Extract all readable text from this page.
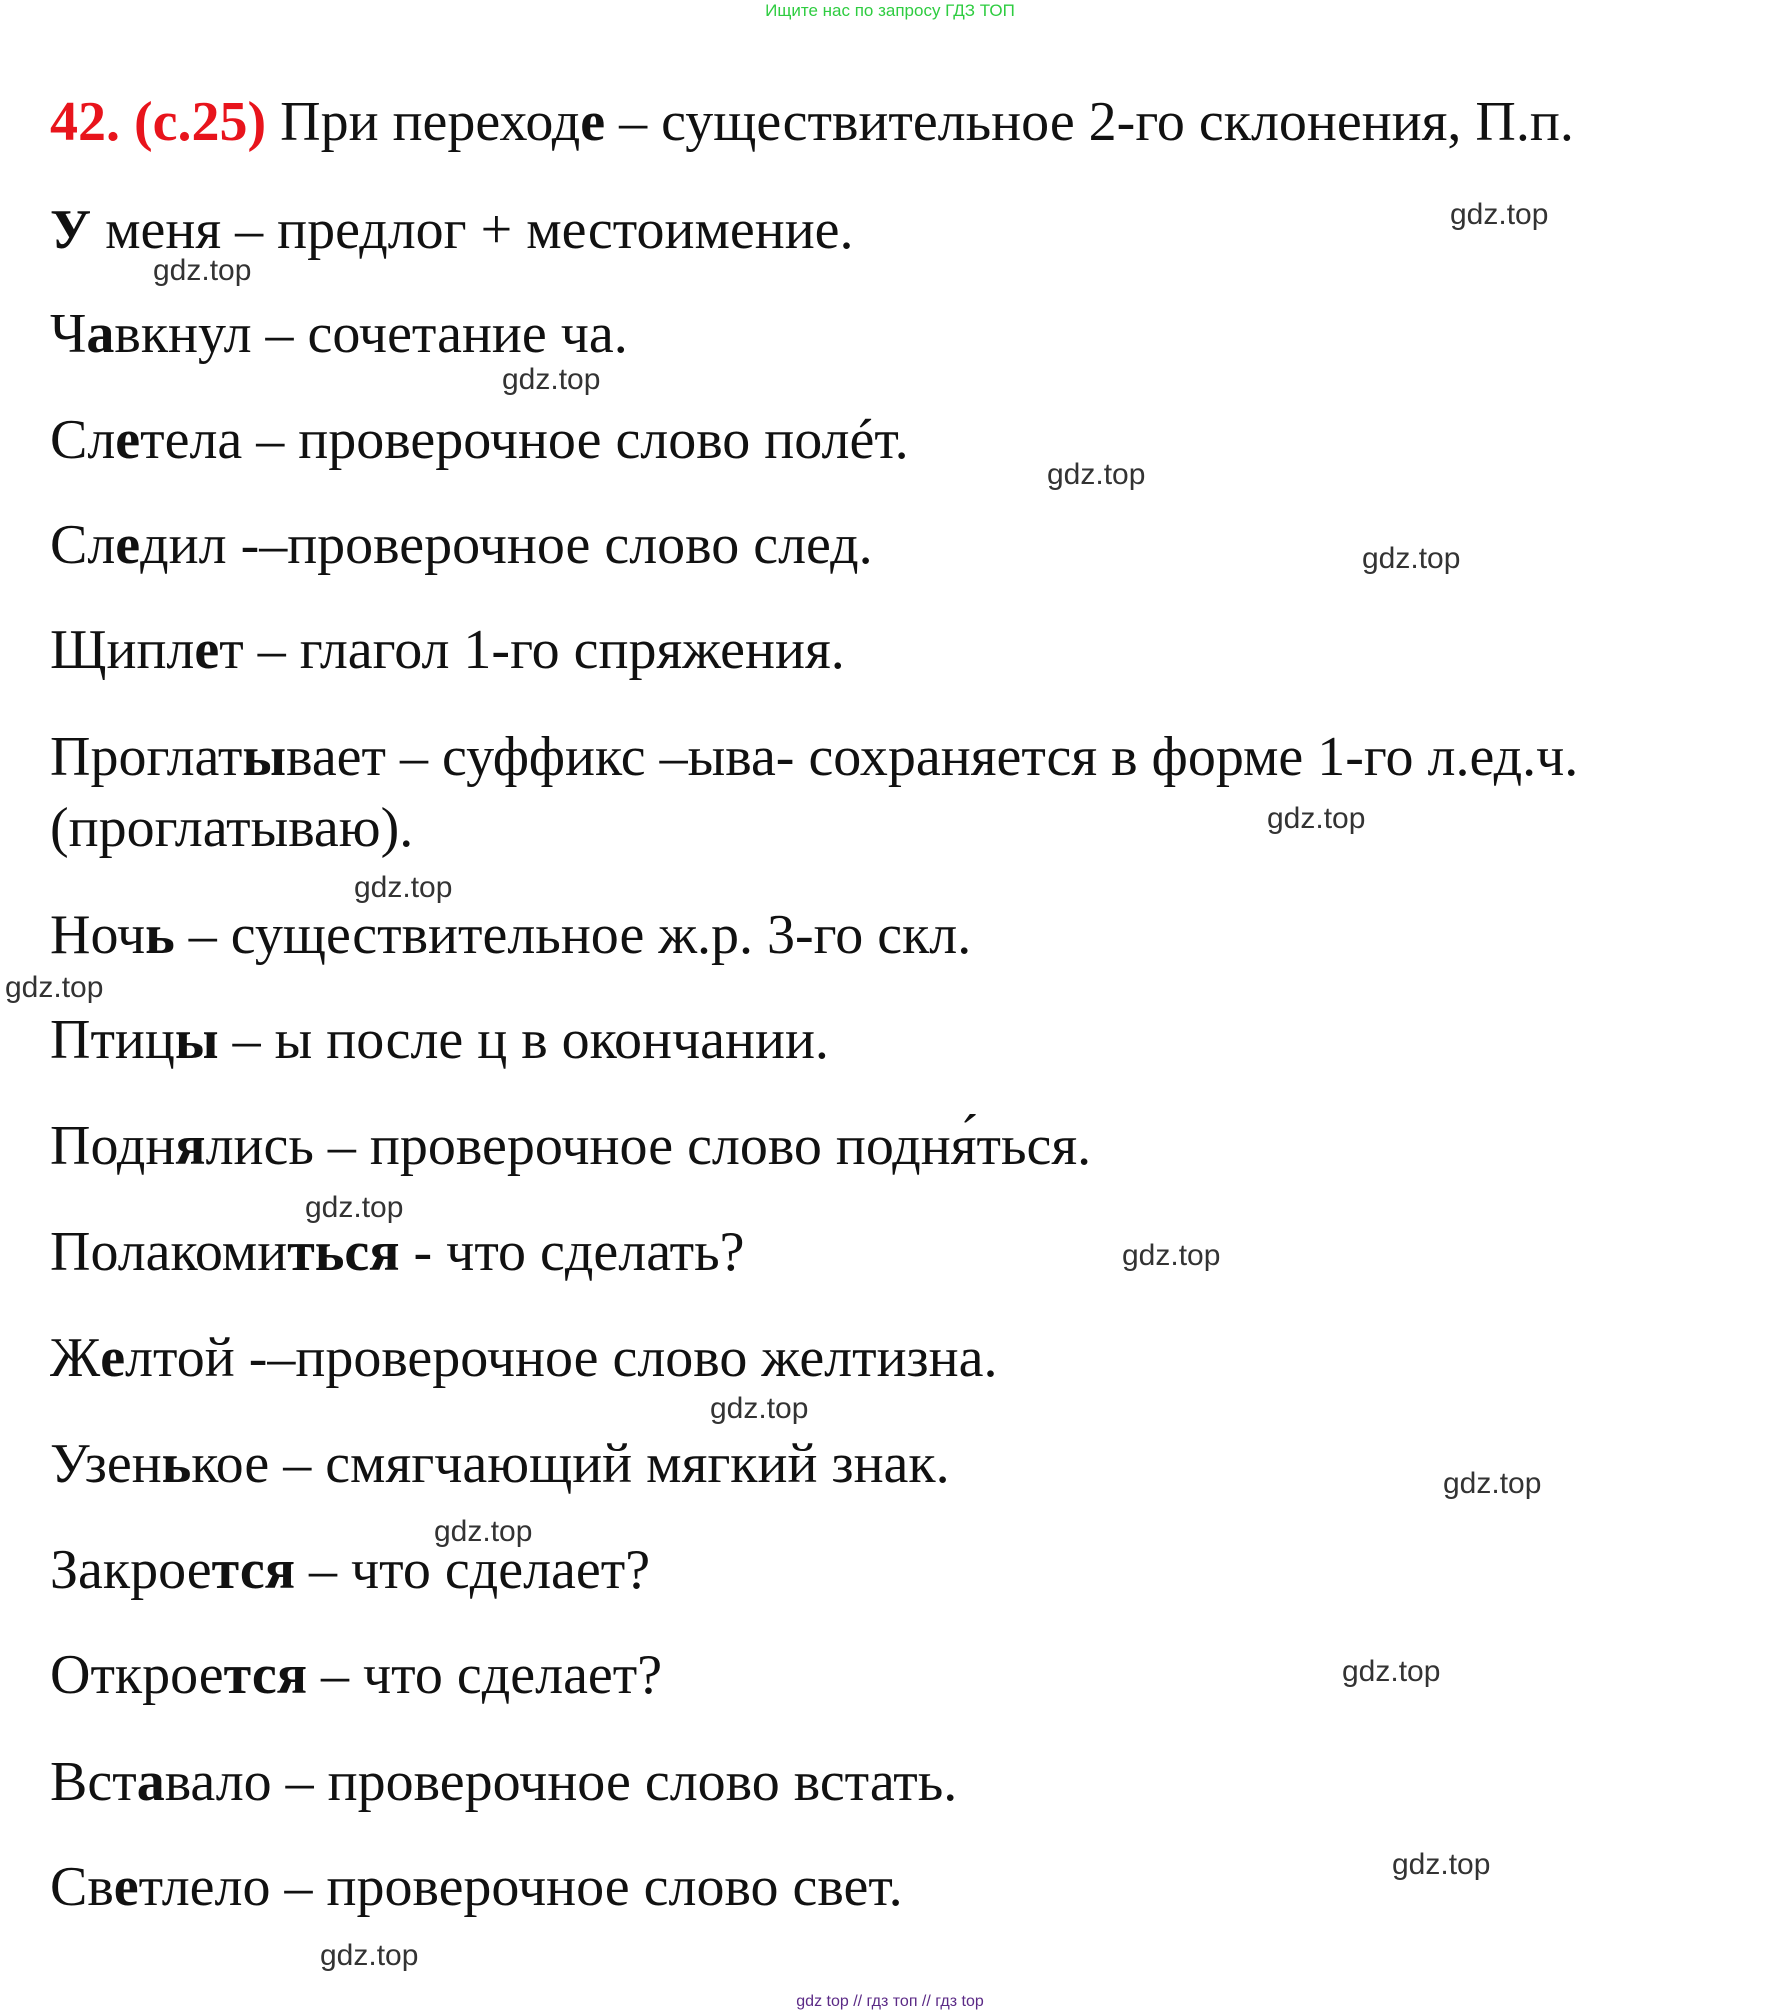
Ищите нас по запросу ГДЗ ТОП
42. (с.25) При переходе – существительное 2-го склонения, П.п.
У меня – предлог + местоимение.
Чавкнул – сочетание ча.
Слетела – проверочное слово полéт.
Следил -–проверочное слово след.
Щиплет – глагол 1-го спряжения.
Проглатывает – суффикс –ыва- сохраняется в форме 1-го л.ед.ч.
(проглатываю).
Ночь – существительное ж.р. 3-го скл.
Птицы – ы после ц в окончании.
Поднялись – проверочное слово подня́ться.
Полакомиться - что сделать?
Желтой -–проверочное слово желтизна.
Узенькое – смягчающий мягкий знак.
Закроется – что сделает?
Откроется – что сделает?
Вставало – проверочное слово встать.
Светлело – проверочное слово свет.
gdz.top
gdz.top
gdz.top
gdz.top
gdz.top
gdz.top
gdz.top
gdz.top
gdz.top
gdz.top
gdz.top
gdz.top
gdz.top
gdz.top
gdz.top
gdz.top
gdz top // гдз топ // гдз top
